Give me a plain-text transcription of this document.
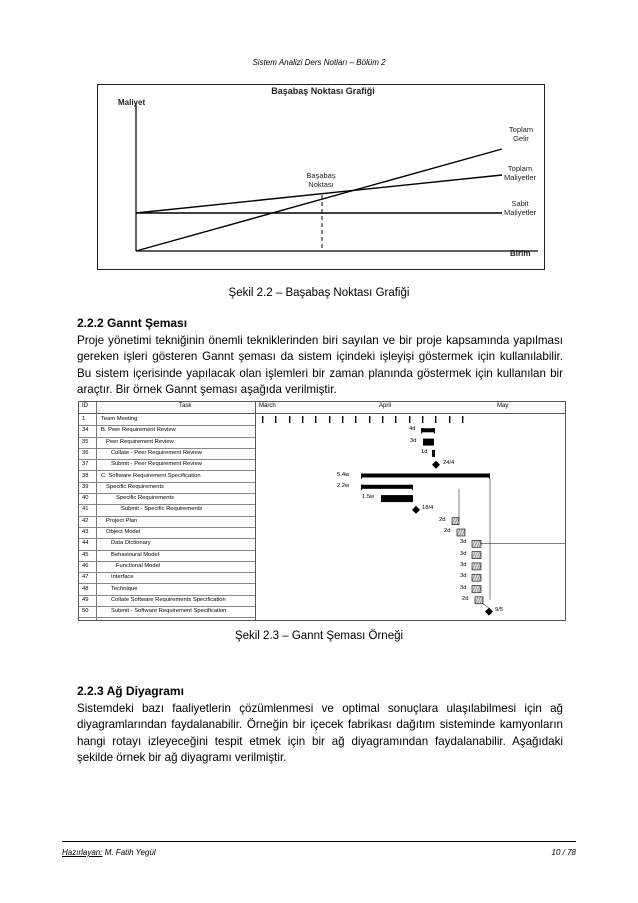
Sistem Analizi Ders Notları – Bölüm 2
Başabaş Noktası Grafiği
Maliyet
Birim
Başabaş
Noktası
Toplam
Gelir
Toplam
Maliyetler
Sabit
Maliyetler
Şekil 2.2 – Başabaş Noktası Grafiği
2.2.2 Gannt Şeması
Proje yönetimi tekniğinin önemli tekniklerinden biri sayılan ve bir proje kapsamında yapılması gereken işleri gösteren Gannt şeması da sistem içindeki işleyişi göstermek için kullanılabilir. Bu sistem içerisinde yapılacak olan işlemleri bir zaman planında göstermek için kullanılan bir araçtır. Bir örnek Gannt şeması aşağıda verilmiştir.
ID	Task	March	April	May
1	Team Meeting
34	B. Peer Requirement Review
35	Peer Requirement Review
36	Collate - Peer Requirement Review
37	Submit - Peer Requirement Review
38	C. Software Requirement Specification
39	Specific Requirements
40	Specific Requirements
41	Submit - Specific Requirements
42	Project Plan
43	Object Model
44	Data Dictionary
45	Behavioural Model
46	Functional Model
47	Interface
48	Technique
49	Collate Software Requirements Specification
50	Submit - Software Requirement Specification
4d
3d
1d
24/4
5.4w
2.2w
1.5w
18/4
2d
2d
3d
3d
3d
3d
3d
2d
9/5
Şekil 2.3 – Gannt Şeması Örneği
2.2.3 Ağ Diyagramı
Sistemdeki bazı faaliyetlerin çözümlenmesi ve optimal sonuçlara ulaşılabilmesi için ağ diyagramlarından faydalanabilir. Örneğin bir içecek fabrikası dağıtım sisteminde kamyonların hangi rotayı izleyeceğini tespit etmek için bir ağ diyagramından faydalanabilir. Aşağıdaki şekilde örnek bir ağ diyagramı verilmiştir.
Hazırlayan: M. Fatih Yegül	10 / 78
